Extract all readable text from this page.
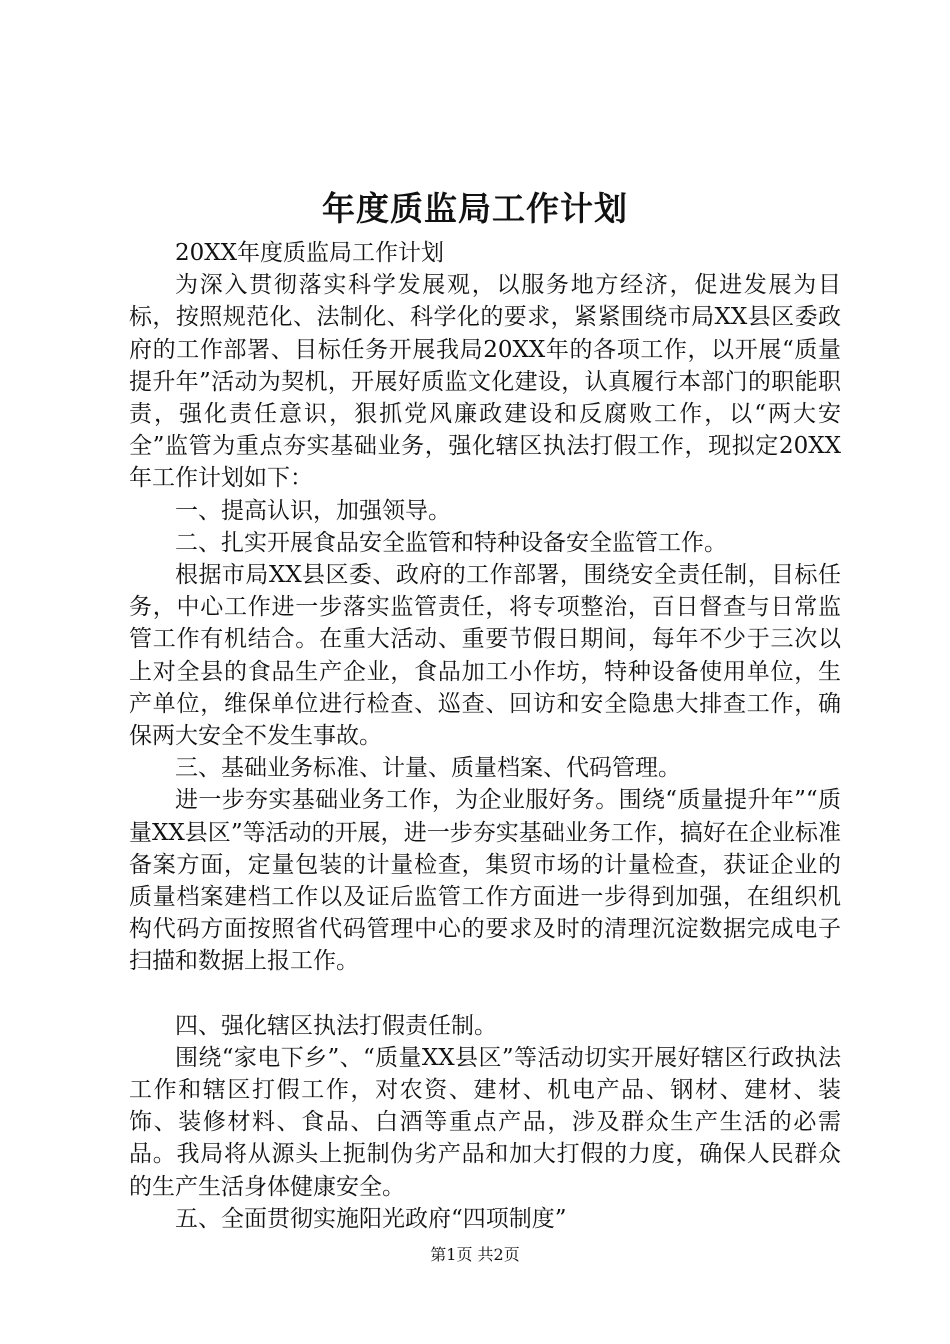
年度质监局工作计划

20XX年度质监局工作计划

为深入贯彻落实科学发展观，以服务地方经济，促进发展为目标，按照规范化、法制化、科学化的要求，紧紧围绕市局XX县区委政府的工作部署、目标任务开展我局20XX年的各项工作，以开展“质量提升年”活动为契机，开展好质监文化建设，认真履行本部门的职能职责，强化责任意识，狠抓党风廉政建设和反腐败工作，以“两大安全”监管为重点夯实基础业务，强化辖区执法打假工作，现拟定20XX年工作计划如下：

一、提高认识，加强领导。

二、扎实开展食品安全监管和特种设备安全监管工作。

根据市局XX县区委、政府的工作部署，围绕安全责任制，目标任务，中心工作进一步落实监管责任，将专项整治，百日督查与日常监管工作有机结合。在重大活动、重要节假日期间，每年不少于三次以上对全县的食品生产企业，食品加工小作坊，特种设备使用单位，生产单位，维保单位进行检查、巡查、回访和安全隐患大排查工作，确保两大安全不发生事故。

三、基础业务标准、计量、质量档案、代码管理。

进一步夯实基础业务工作，为企业服好务。围绕“质量提升年”“质量XX县区”等活动的开展，进一步夯实基础业务工作，搞好在企业标准备案方面，定量包装的计量检查，集贸市场的计量检查，获证企业的质量档案建档工作以及证后监管工作方面进一步得到加强，在组织机构代码方面按照省代码管理中心的要求及时的清理沉淀数据完成电子扫描和数据上报工作。

四、强化辖区执法打假责任制。

围绕“家电下乡”、“质量XX县区”等活动切实开展好辖区行政执法工作和辖区打假工作，对农资、建材、机电产品、钢材、建材、装饰、装修材料、食品、白酒等重点产品，涉及群众生产生活的必需品。我局将从源头上扼制伪劣产品和加大打假的力度，确保人民群众的生产生活身体健康安全。

五、全面贯彻实施阳光政府“四项制度”

第1页 共2页
